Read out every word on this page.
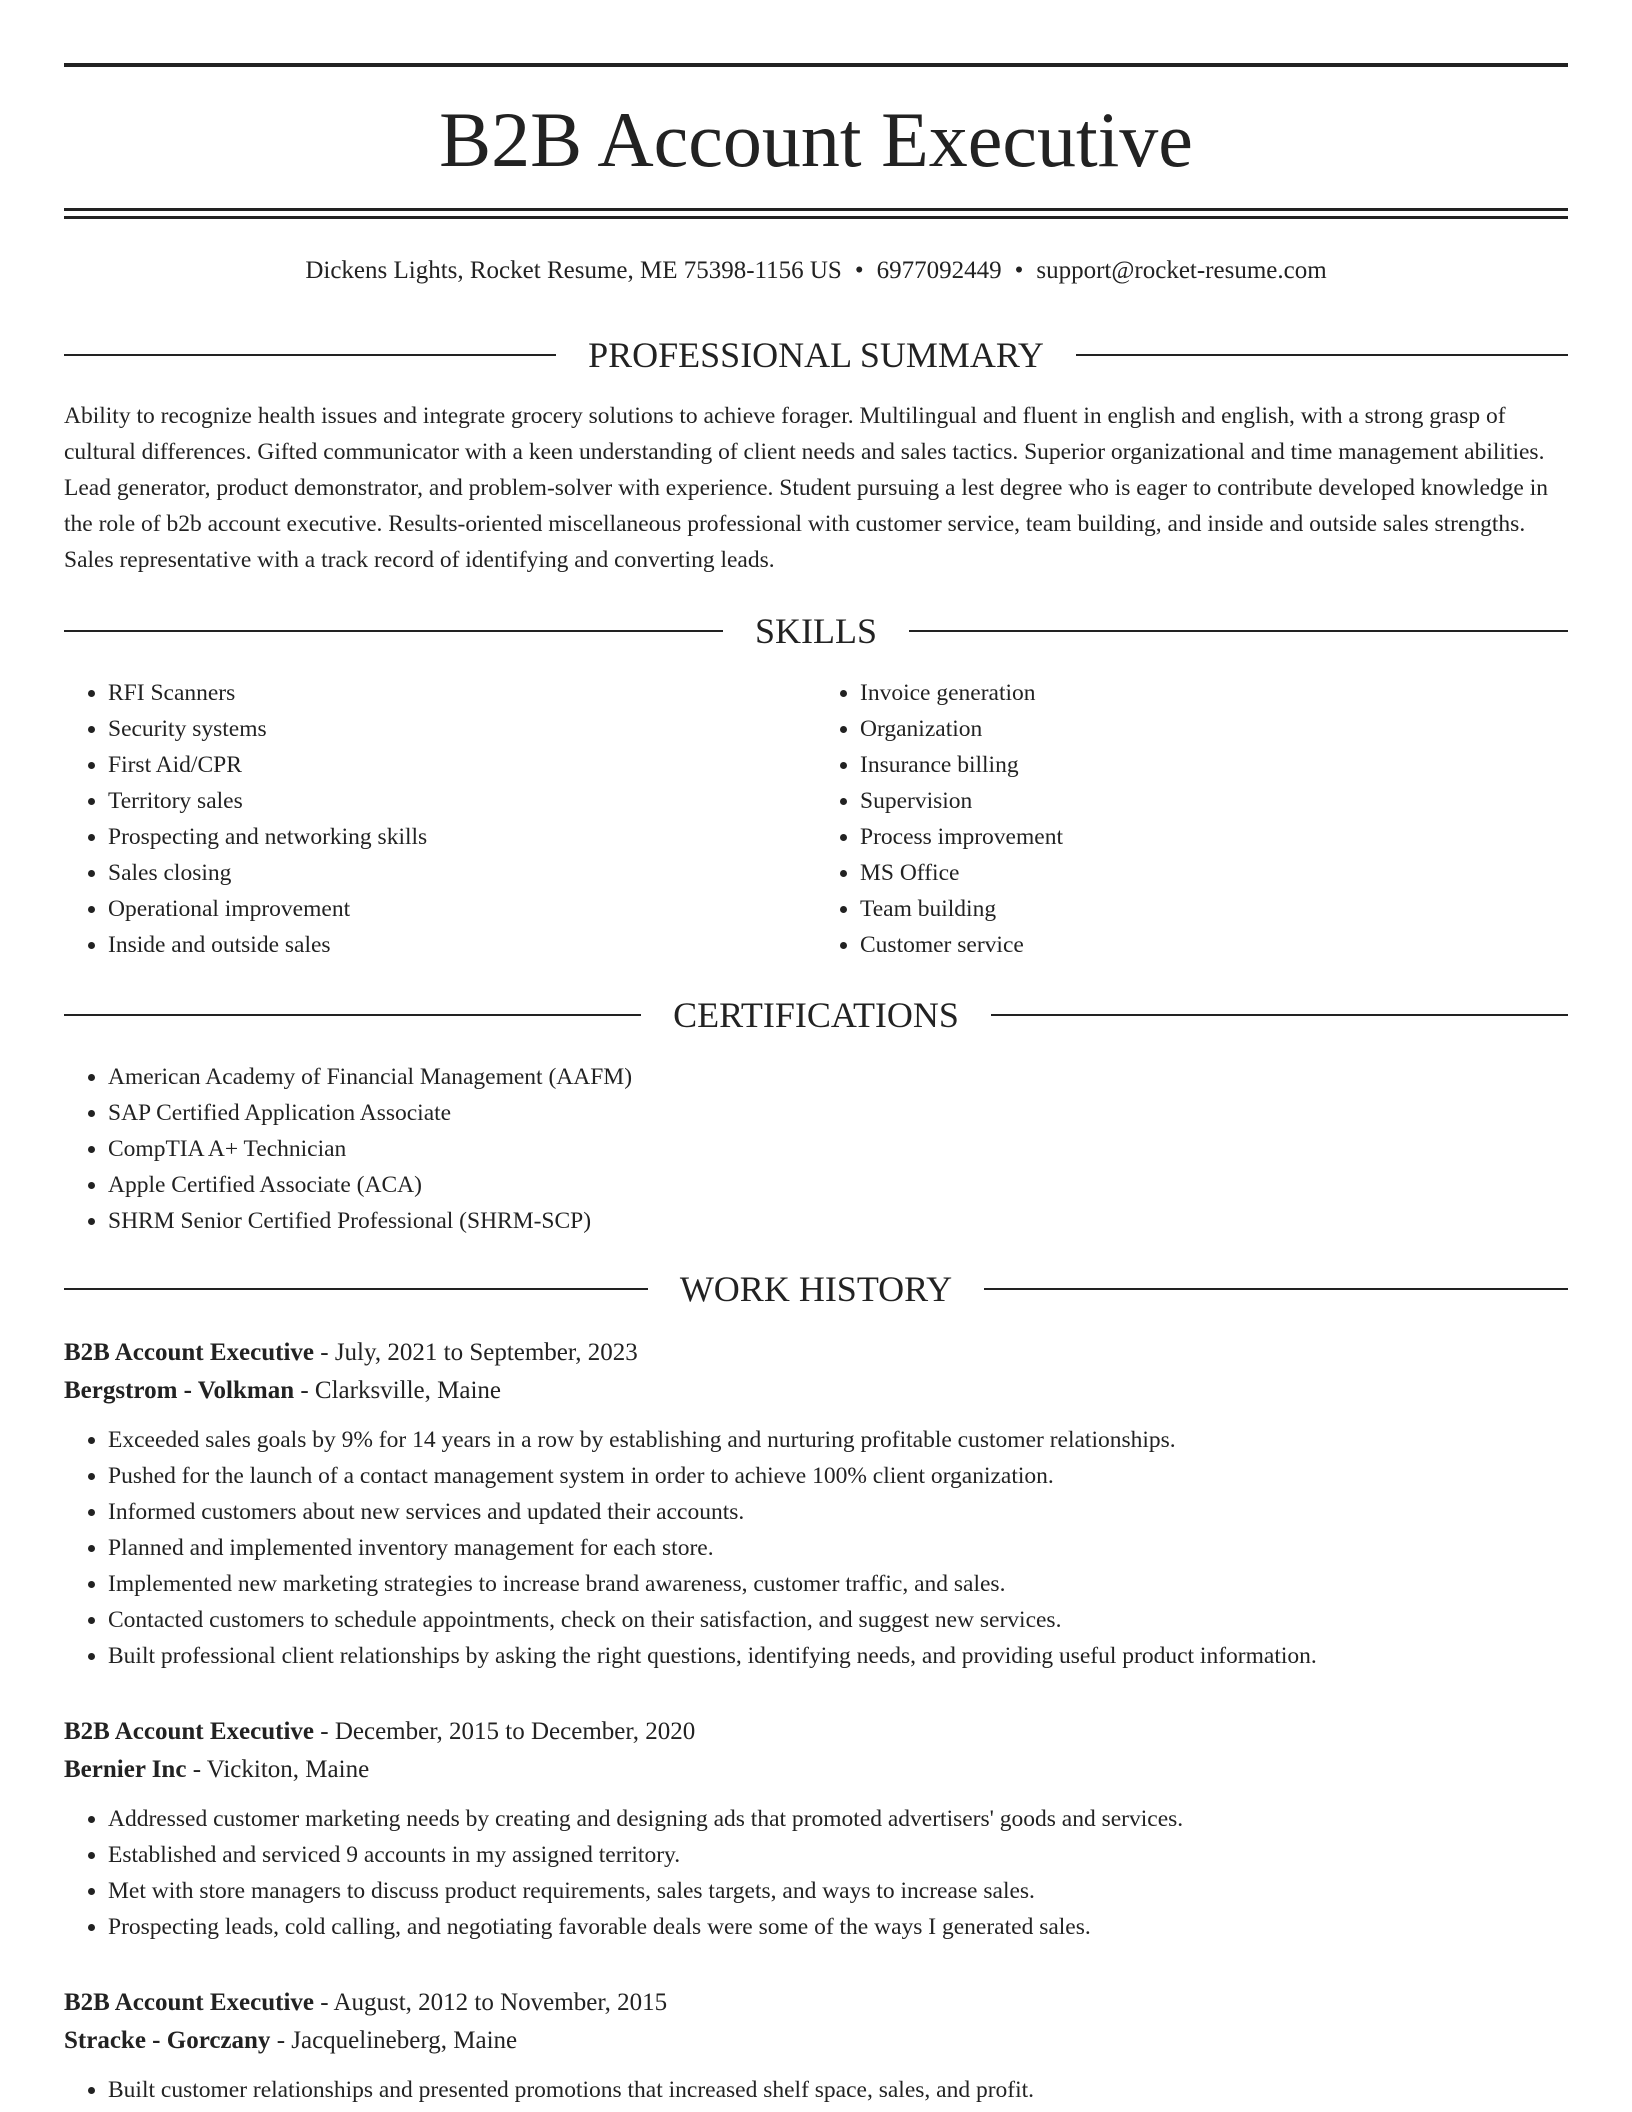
B2B Account Executive
Dickens Lights, Rocket Resume, ME 75398-1156 US • 6977092449 • support@rocket-resume.com
PROFESSIONAL SUMMARY

Ability to recognize health issues and integrate grocery solutions to achieve forager. Multilingual and fluent in english and english, with a strong grasp of cultural differences. Gifted communicator with a keen understanding of client needs and sales tactics. Superior organizational and time management abilities. Lead generator, product demonstrator, and problem-solver with experience. Student pursuing a lest degree who is eager to contribute developed knowledge in the role of b2b account executive. Results-oriented miscellaneous professional with customer service, team building, and inside and outside sales strengths. Sales representative with a track record of identifying and converting leads.

SKILLS
• RFI Scanners
• Security systems
• First Aid/CPR
• Territory sales
• Prospecting and networking skills
• Sales closing
• Operational improvement
• Inside and outside sales
• Invoice generation
• Organization
• Insurance billing
• Supervision
• Process improvement
• MS Office
• Team building
• Customer service
CERTIFICATIONS
• American Academy of Financial Management (AAFM)
• SAP Certified Application Associate
• CompTIA A+ Technician
• Apple Certified Associate (ACA)
• SHRM Senior Certified Professional (SHRM-SCP)
WORK HISTORY

B2B Account Executive - July, 2021 to September, 2023

Bergstrom - Volkman - Clarksville, Maine

• Exceeded sales goals by 9% for 14 years in a row by establishing and nurturing profitable customer relationships.
• Pushed for the launch of a contact management system in order to achieve 100% client organization.
• Informed customers about new services and updated their accounts.
• Planned and implemented inventory management for each store.
• Implemented new marketing strategies to increase brand awareness, customer traffic, and sales.
• Contacted customers to schedule appointments, check on their satisfaction, and suggest new services.
• Built professional client relationships by asking the right questions, identifying needs, and providing useful product information.

B2B Account Executive - December, 2015 to December, 2020

Bernier Inc - Vickiton, Maine

• Addressed customer marketing needs by creating and designing ads that promoted advertisers' goods and services.
• Established and serviced 9 accounts in my assigned territory.
• Met with store managers to discuss product requirements, sales targets, and ways to increase sales.
• Prospecting leads, cold calling, and negotiating favorable deals were some of the ways I generated sales.

B2B Account Executive - August, 2012 to November, 2015

Stracke - Gorczany - Jacquelineberg, Maine

• Built customer relationships and presented promotions that increased shelf space, sales, and profit.
